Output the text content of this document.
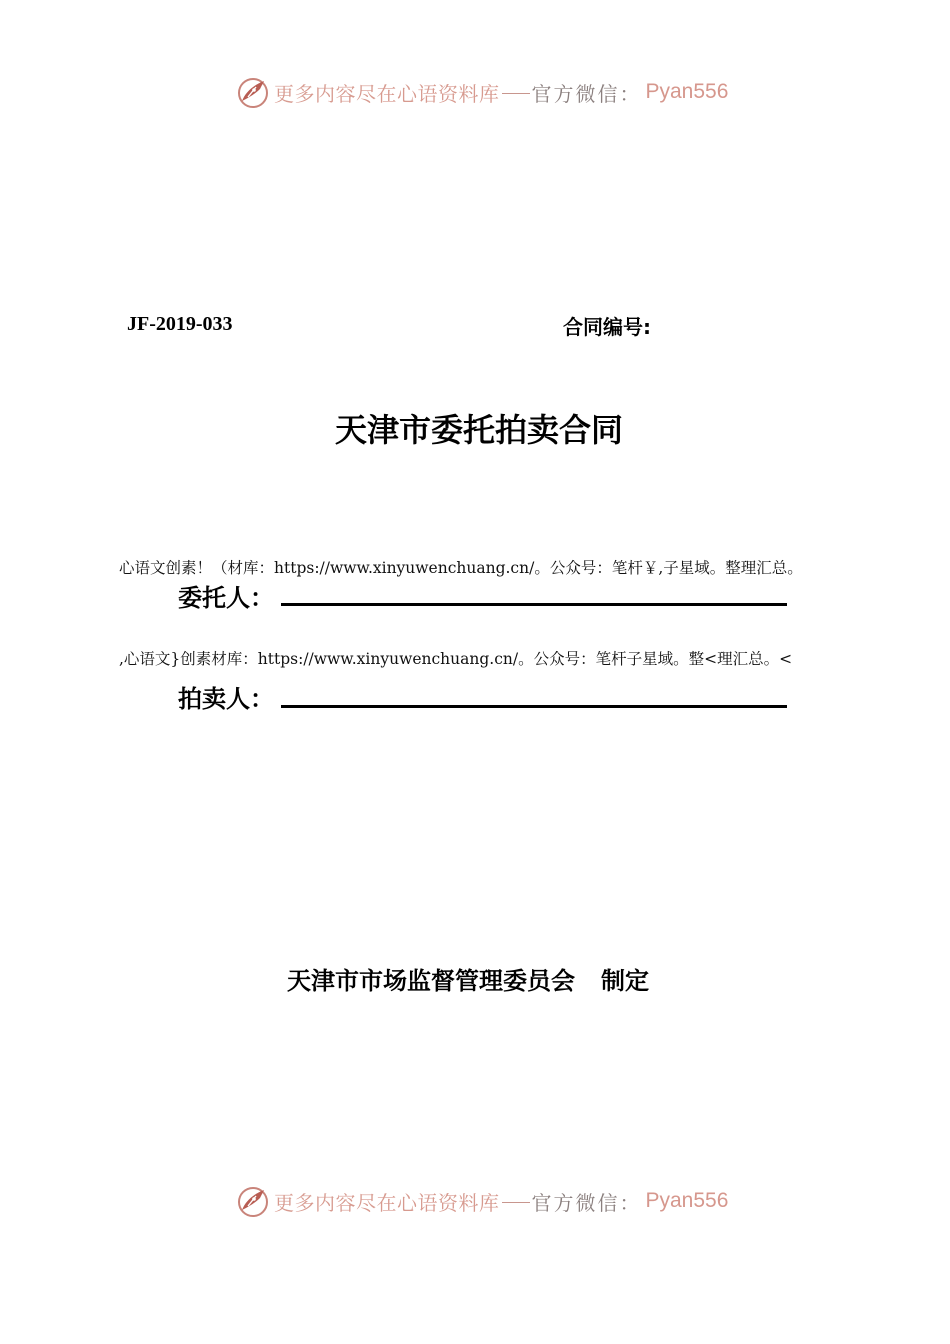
更多内容尽在心语资料库 官方微信： Pyan556
JF-2019-033	合同编号:
天津市委托拍卖合同
心语文创素！（材库：https://www.xinyuwenchuang.cn/。公众号：笔杆￥,子星域。整理汇总。
委托人：
,心语文}创素材库：https://www.xinyuwenchuang.cn/。公众号：笔杆子星域。整<理汇总。<
拍卖人：
天津市市场监督管理委员会 制定
更多内容尽在心语资料库 官方微信： Pyan556
